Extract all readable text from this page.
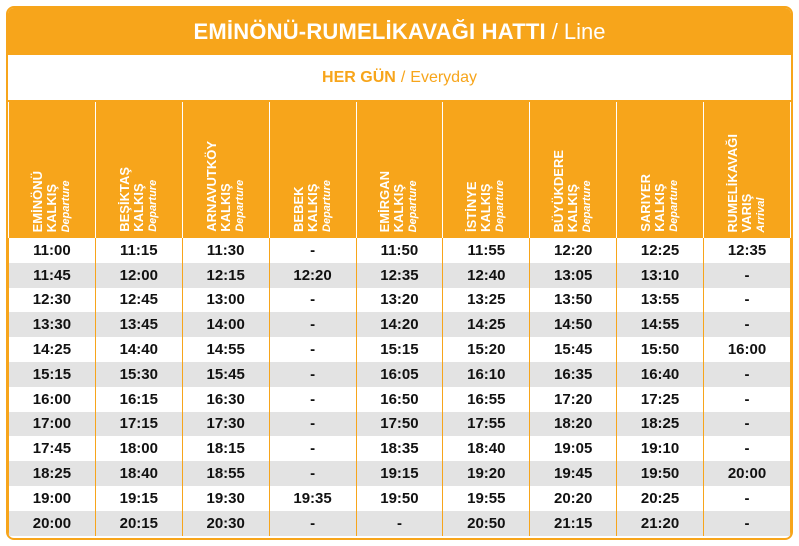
EMİNÖNÜ-RUMELİKAVAĞI HATTI / Line
HER GÜN / Everyday
EMİNÖNÜ KALKIŞ Departure	BEŞİKTAŞ KALKIŞ Departure	ARNAVUTKÖY KALKIŞ Departure	BEBEK KALKIŞ Departure	EMİRGAN KALKIŞ Departure	İSTİNYE KALKIŞ Departure	BÜYÜKDERE KALKIŞ Departure	SARIYER KALKIŞ Departure	RUMELİKAVAĞI VARIŞ Arrival

11:00	11:15	11:30	-	11:50	11:55	12:20	12:25	12:35
11:45	12:00	12:15	12:20	12:35	12:40	13:05	13:10	-
12:30	12:45	13:00	-	13:20	13:25	13:50	13:55	-
13:30	13:45	14:00	-	14:20	14:25	14:50	14:55	-
14:25	14:40	14:55	-	15:15	15:20	15:45	15:50	16:00
15:15	15:30	15:45	-	16:05	16:10	16:35	16:40	-
16:00	16:15	16:30	-	16:50	16:55	17:20	17:25	-
17:00	17:15	17:30	-	17:50	17:55	18:20	18:25	-
17:45	18:00	18:15	-	18:35	18:40	19:05	19:10	-
18:25	18:40	18:55	-	19:15	19:20	19:45	19:50	20:00
19:00	19:15	19:30	19:35	19:50	19:55	20:20	20:25	-
20:00	20:15	20:30	-	-	20:50	21:15	21:20	-
